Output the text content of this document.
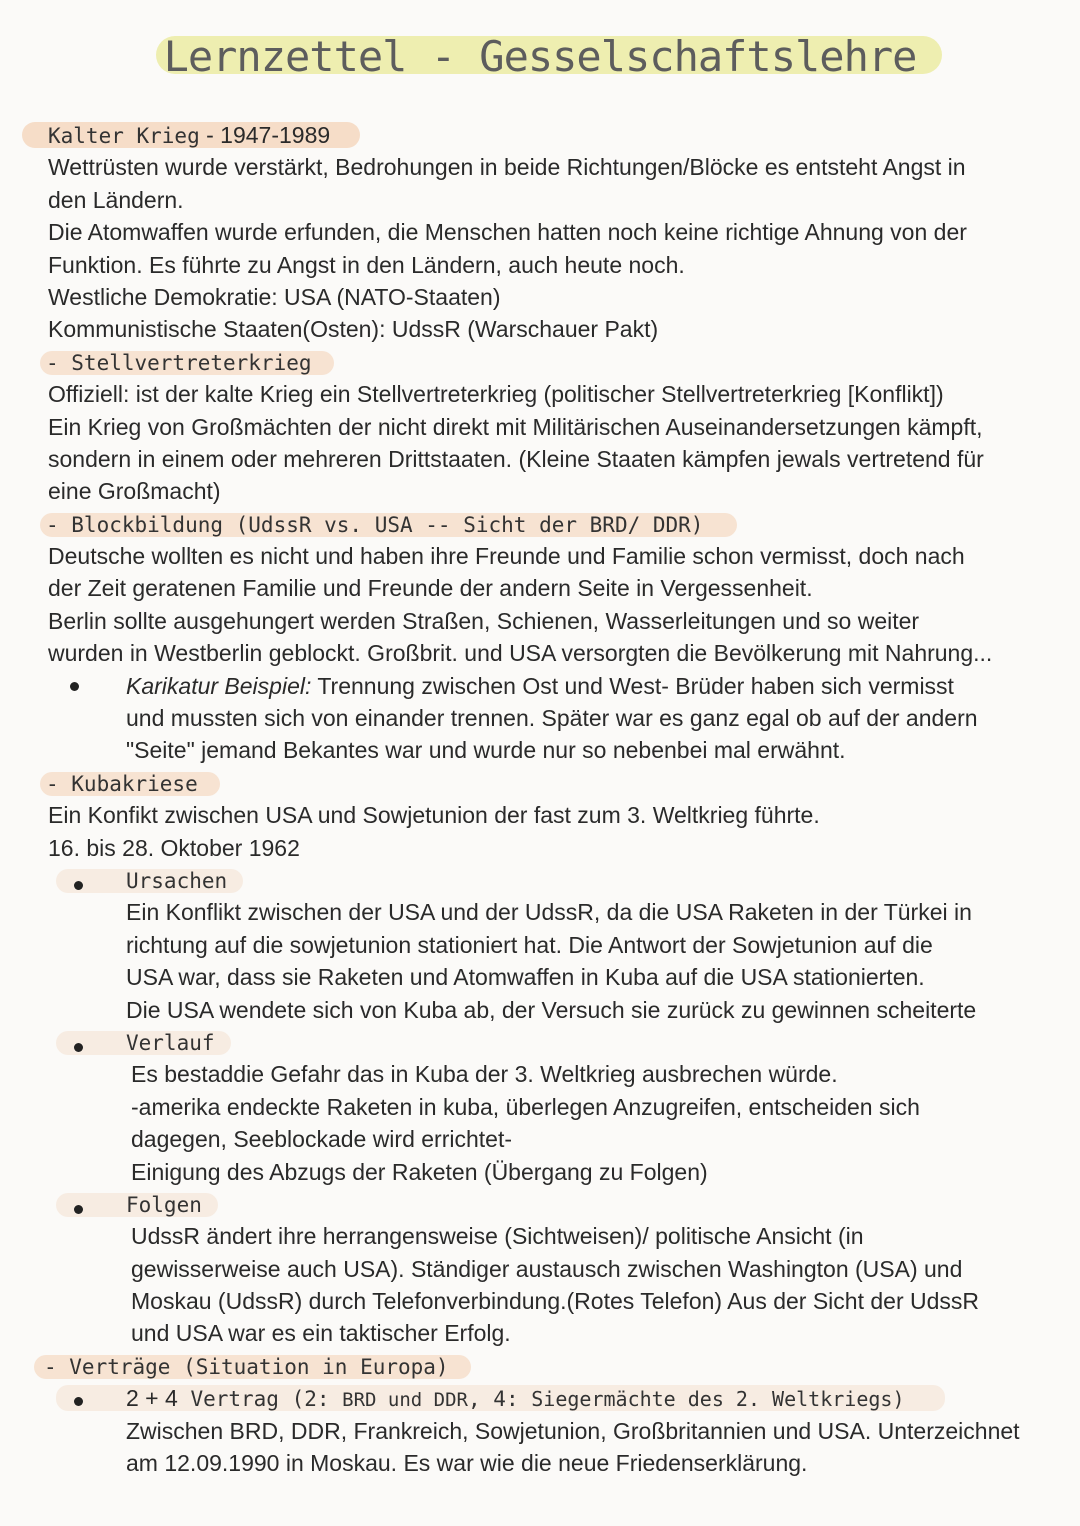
Lernzettel - Gesselschaftslehre
Kalter Krieg - 1947-1989
Wettrüsten wurde verstärkt, Bedrohungen in beide Richtungen/Blöcke es entsteht Angst in
den Ländern.
Die Atomwaffen wurde erfunden, die Menschen hatten noch keine richtige Ahnung von der
Funktion. Es führte zu Angst in den Ländern, auch heute noch.
Westliche Demokratie: USA (NATO-Staaten)
Kommunistische Staaten(Osten): UdssR (Warschauer Pakt)
- Stellvertreterkrieg
Offiziell: ist der kalte Krieg ein Stellvertreterkrieg (politischer Stellvertreterkrieg [Konflikt])
Ein Krieg von Großmächten der nicht direkt mit Militärischen Auseinandersetzungen kämpft,
sondern in einem oder mehreren Drittstaaten. (Kleine Staaten kämpfen jewals vertretend für
eine Großmacht)
- Blockbildung (UdssR vs. USA -- Sicht der BRD/ DDR)
Deutsche wollten es nicht und haben ihre Freunde und Familie schon vermisst, doch nach
der Zeit geratenen Familie und Freunde der andern Seite in Vergessenheit.
Berlin sollte ausgehungert werden Straßen, Schienen, Wasserleitungen und so weiter
wurden in Westberlin geblockt. Großbrit. und USA versorgten die Bevölkerung mit Nahrung...
Karikatur Beispiel: Trennung zwischen Ost und West- Brüder haben sich vermisst
und mussten sich von einander trennen. Später war es ganz egal ob auf der andern
"Seite" jemand Bekantes war und wurde nur so nebenbei mal erwähnt.
- Kubakriese
Ein Konfikt zwischen USA und Sowjetunion der fast zum 3. Weltkrieg führte.
16. bis 28. Oktober 1962
Ursachen
Ein Konflikt zwischen der USA und der UdssR, da die USA Raketen in der Türkei in
richtung auf die sowjetunion stationiert hat. Die Antwort der Sowjetunion auf die
USA war, dass sie Raketen und Atomwaffen in Kuba auf die USA stationierten.
Die USA wendete sich von Kuba ab, der Versuch sie zurück zu gewinnen scheiterte
Verlauf
Es bestaddie Gefahr das in Kuba der 3. Weltkrieg ausbrechen würde.
-amerika endeckte Raketen in kuba, überlegen Anzugreifen, entscheiden sich
dagegen, Seeblockade wird errichtet-
Einigung des Abzugs der Raketen (Übergang zu Folgen)
Folgen
UdssR ändert ihre herrangensweise (Sichtweisen)/ politische Ansicht (in
gewisserweise auch USA). Ständiger austausch zwischen Washington (USA) und
Moskau (UdssR) durch Telefonverbindung.(Rotes Telefon) Aus der Sicht der UdssR
und USA war es ein taktischer Erfolg.
- Verträge (Situation in Europa)
2 + 4 Vertrag (2: BRD und DDR, 4: Siegermächte des 2. Weltkriegs)
Zwischen BRD, DDR, Frankreich, Sowjetunion, Großbritannien und USA. Unterzeichnet
am 12.09.1990 in Moskau. Es war wie die neue Friedenserklärung.
